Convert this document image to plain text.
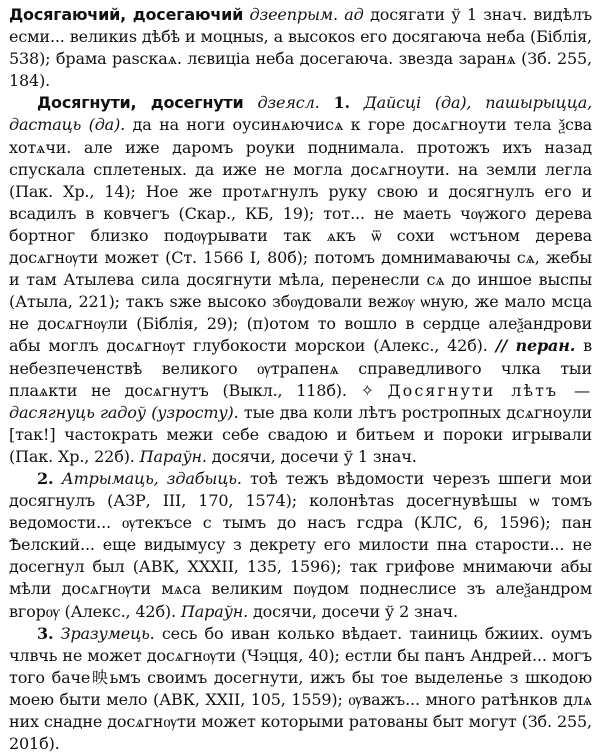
Досягаючий, досегаючий дзеепрым. ад досягати ў 1 знач. видѣлъ есми... великиѕ дѣбѣ и моцныѕ, а высокоѕ его досягаюча неба (Біблія, 538); брама раѕскаѧ. лєвиціа неба досегаюча. звезда заранѧ (Зб. 255, 184).

Досягнути, досегнути дзеясл. 1. Дайсці (да), пашырыцца, дастаць (да). да на ноги оусинѧючисѧ к горе досѧгноути тела ѯсва хотѧчи. але иже даромъ роуки поднимала. протожъ ихъ назад спускала сплетеных. да иже не могла досѧгноути. на земли легла (Пак. Хр., 14); Ное же протѧгнулъ руку свою и досягнулъ его и всадилъ в ковчегъ (Скар., КБ, 19); тот... не маеть чѹжого дерева бортног близко подѹрывати так ѧкъ ѿ сохи ѡстъном дерева досѧгнѹти может (Ст. 1566 І, 80б); потомъ домнимаваючы сѧ, жебы и там Атылева сила досягнути мѣла, перенесли сѧ до иншое выспы (Атыла, 221); такъ ѕже высоко збѹдовали вежѹ ѡную, же мало мсца не досѧгнѹли (Біблія, 29); (п)отом то вошло в сердце алеѯандрови абы моглъ досѧгнѹт глубокости морскои (Алекс., 42б). // перан. в небезпеченствѣ великого ѹтрапенѧ справедливого члка тыи плаѧкти не досѧгнутъ (Выкл., 118б). ✧ Досягнути лѣтъ — дасягнуць гадоў (узросту). тые два коли лѣтъ ростропных дсѧгноули [так!] частократь межи себе свадою и битьем и пороки игрывали (Пак. Хр., 22б). Параўн. досячи, досечи ў 1 знач.

2. Атрымаць, здабыць. тоѣ тежъ вѣдомости черезъ шпеги мои досягнулъ (АЗР, III, 170, 1574); колонѣтаѕ досегнувѣшы ѡ томъ ведомости... ѹтекъсе с тымъ до насъ гсдра (КЛС, 6, 1596); пан Ѣелский... еще видымусу з декрету его милости пна старости... не досегнул был (АВК, XXXII, 135, 1596); так грифове мнимаючи абы мѣли досѧгнѹти мѧса великим пѹдом поднеслисе зъ алеѯандром вгорѹ (Алекс., 42б). Параўн. досячи, досечи ў 2 знач.

3. Зразумець. сесь бо иван колько вѣдает. таиниць бжиих. оумъ члвчь не может досѧгнѹти (Чэцця, 40); естли бы панъ Андрей... могъ того баче映ьмъ своимъ досегнути, ижъ бы тое выделенье з шкодою моею быти мело (АВК, XXII, 105, 1559); ѹважъ... много ратѣнков длѧ них снадне досѧгнѹти может котoрыми ратованы быт могут (Зб. 255, 201б).
